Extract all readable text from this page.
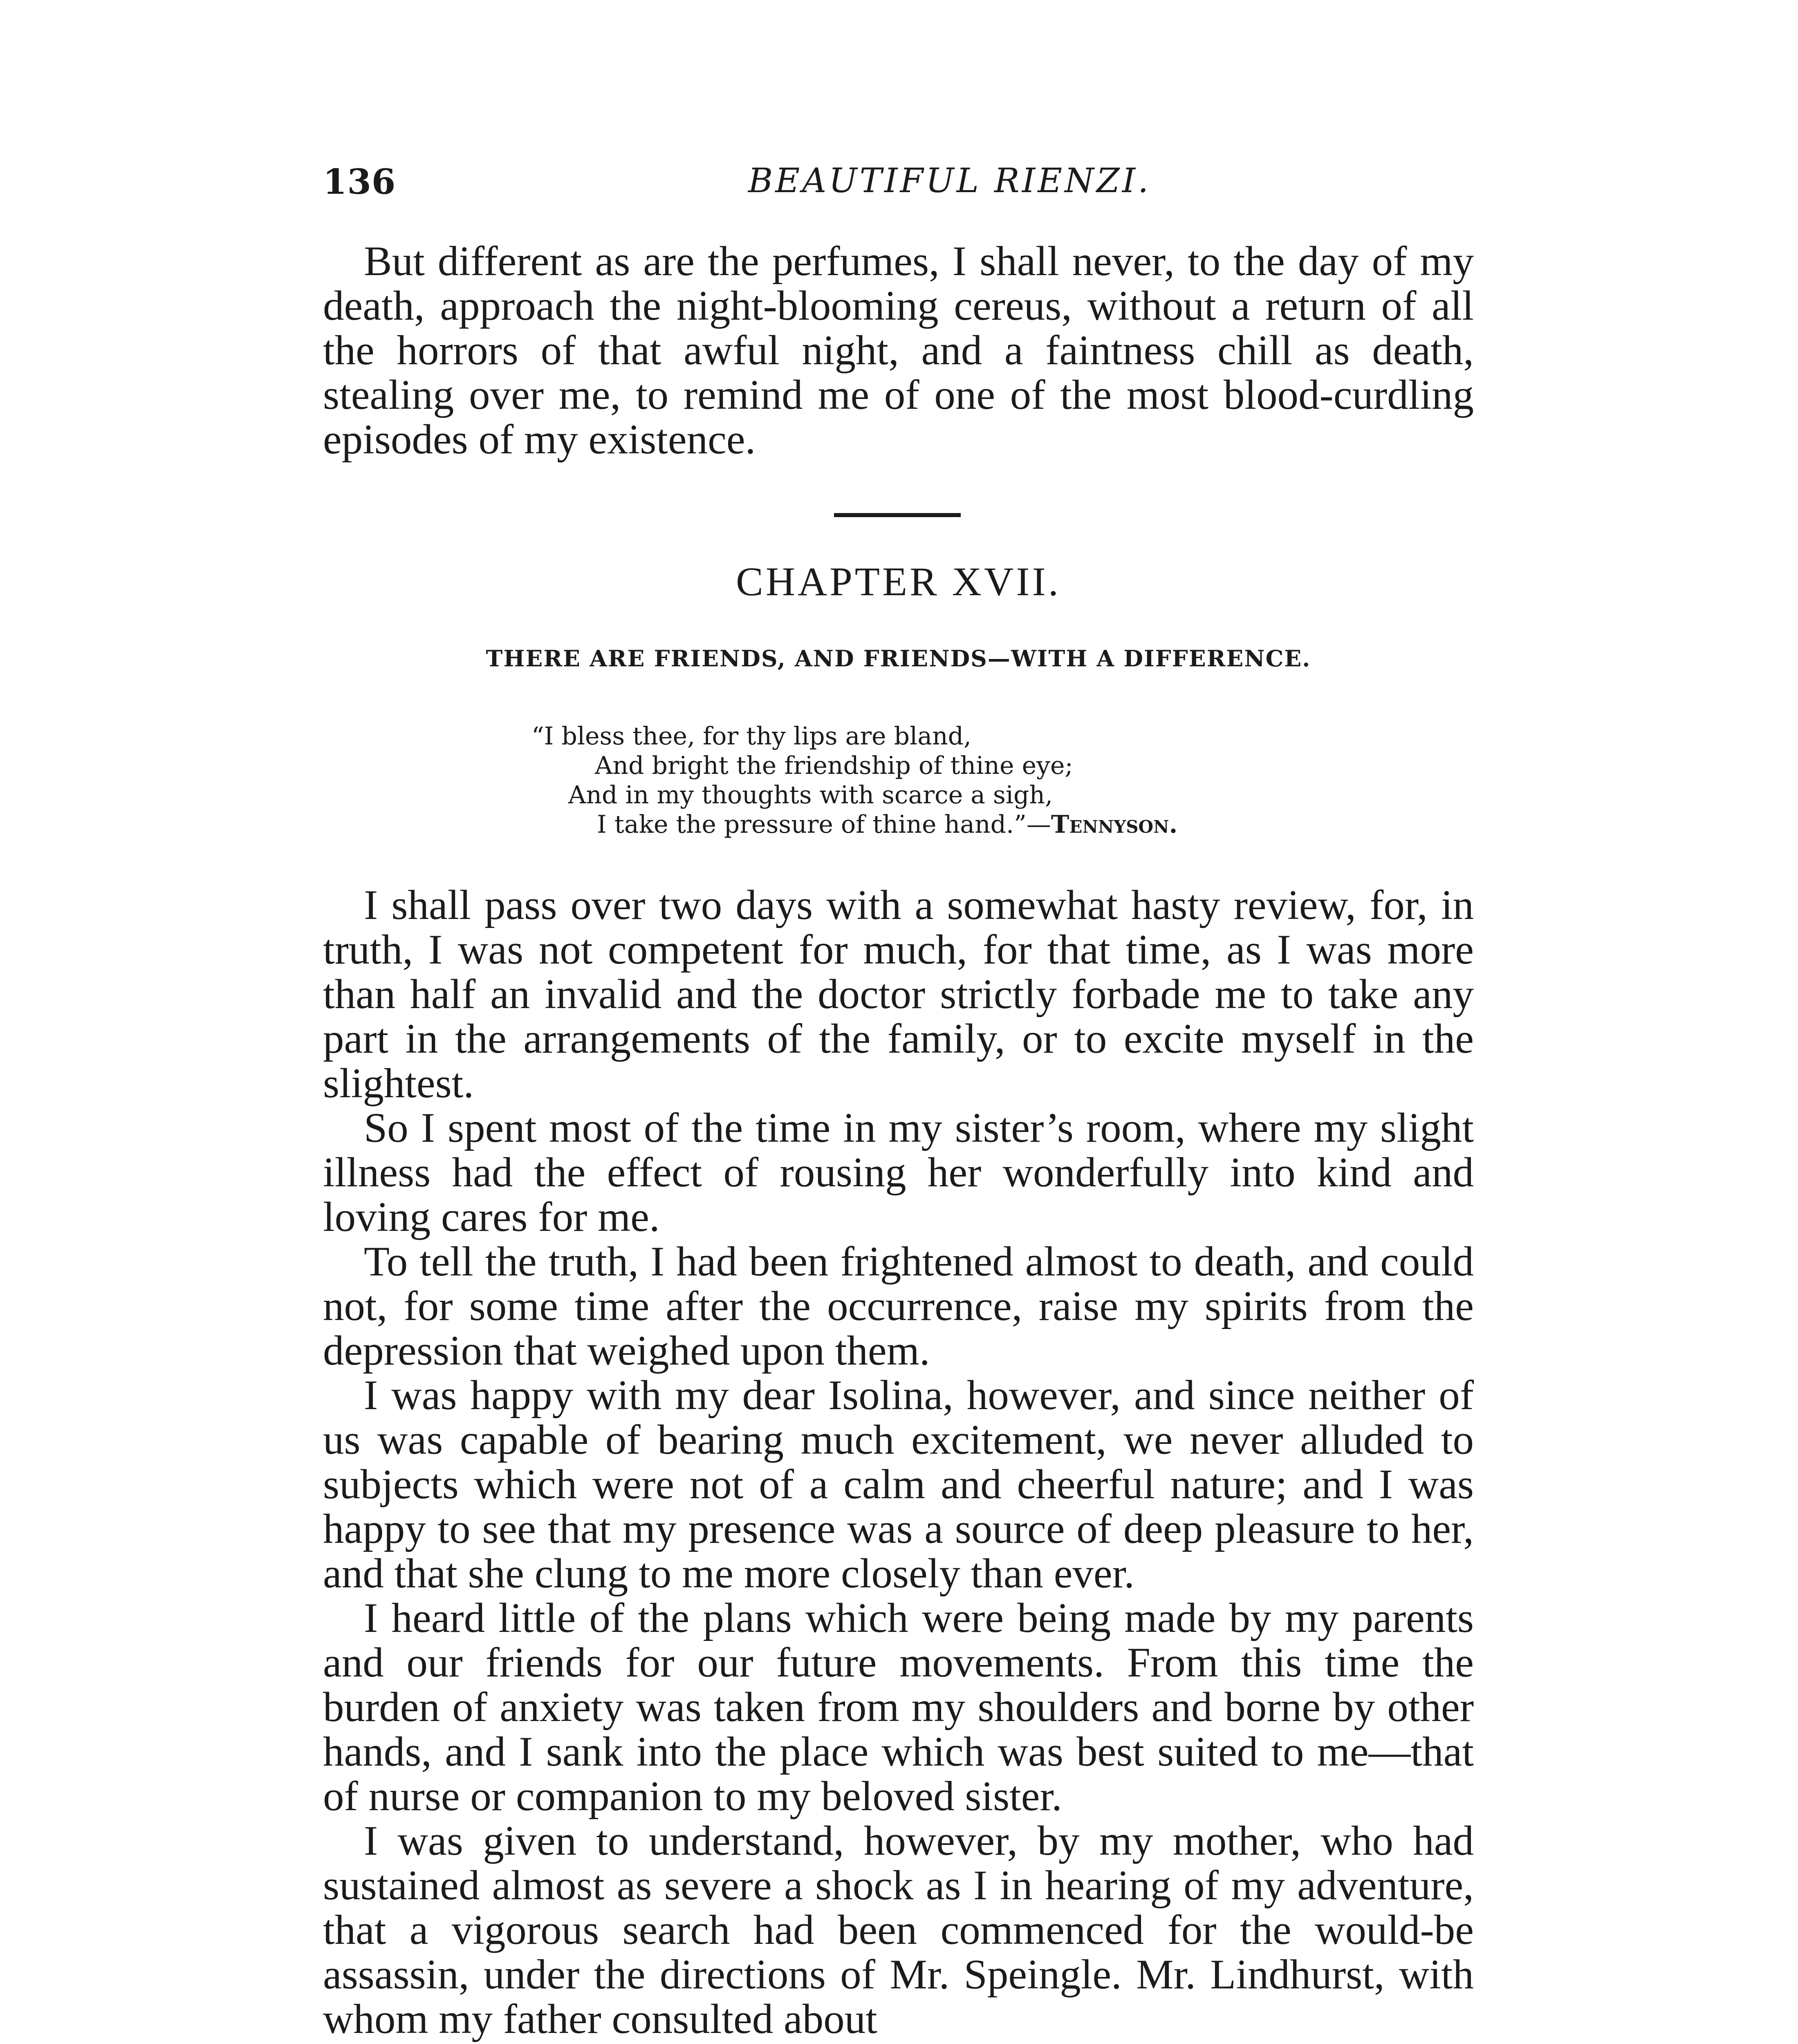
136	BEAUTIFUL RIENZI.

But different as are the perfumes, I shall never, to the day of my death, approach the night-blooming cereus, without a return of all the horrors of that awful night, and a faintness chill as death, stealing over me, to remind me of one of the most blood-curdling episodes of my existence.

CHAPTER XVII.
THERE ARE FRIENDS, AND FRIENDS—WITH A DIFFERENCE.
“I bless thee, for thy lips are bland,
And bright the friendship of thine eye;
And in my thoughts with scarce a sigh,
I take the pressure of thine hand.”—Tennyson.

I shall pass over two days with a somewhat hasty review, for, in truth, I was not competent for much, for that time, as I was more than half an invalid and the doctor strictly forbade me to take any part in the arrangements of the family, or to excite myself in the slightest.

So I spent most of the time in my sister’s room, where my slight illness had the effect of rousing her wonderfully into kind and loving cares for me.

To tell the truth, I had been frightened almost to death, and could not, for some time after the occurrence, raise my spirits from the depression that weighed upon them.

I was happy with my dear Isolina, however, and since neither of us was capable of bearing much excitement, we never alluded to subjects which were not of a calm and cheerful nature; and I was happy to see that my presence was a source of deep pleasure to her, and that she clung to me more closely than ever.

I heard little of the plans which were being made by my parents and our friends for our future movements. From this time the burden of anxiety was taken from my shoulders and borne by other hands, and I sank into the place which was best suited to me—that of nurse or companion to my beloved sister.

I was given to understand, however, by my mother, who had sustained almost as severe a shock as I in hearing of my adventure, that a vigorous search had been commenced for the would-be assassin, under the directions of Mr. Speingle. Mr. Lindhurst, with whom my father consulted about
